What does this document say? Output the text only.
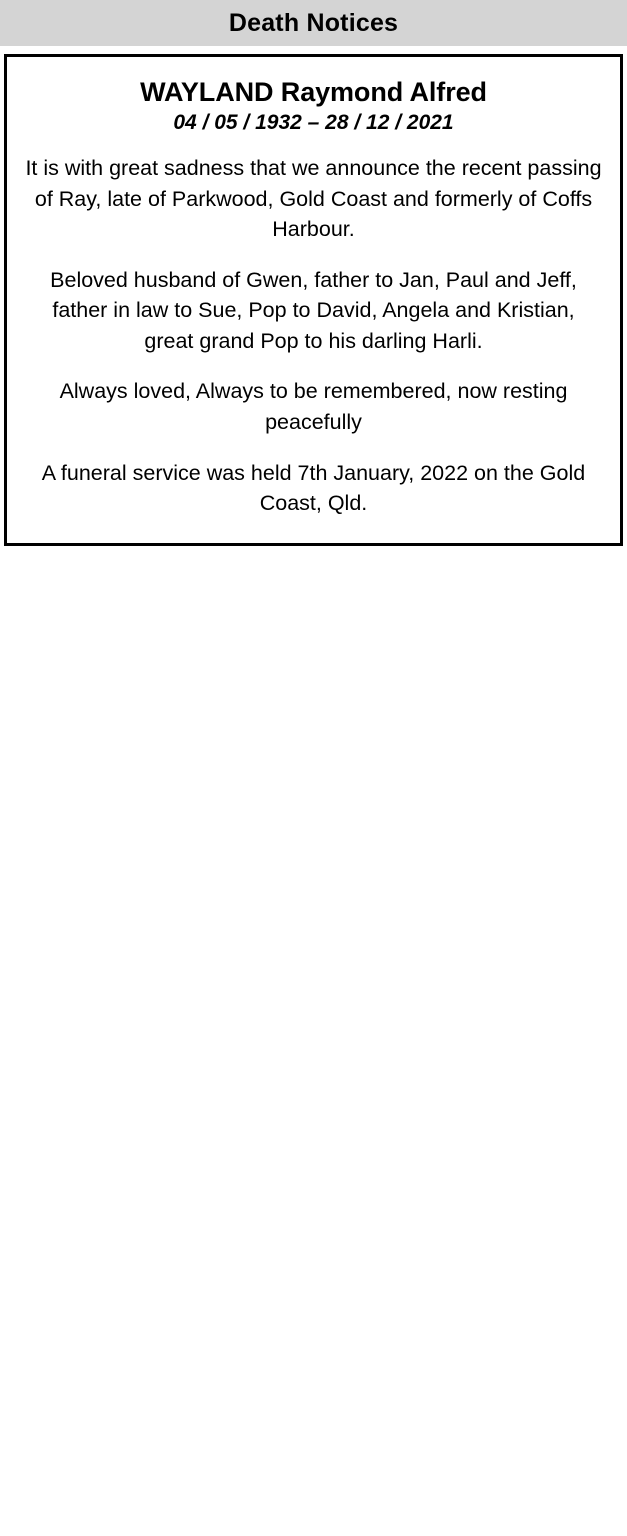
Death Notices
WAYLAND Raymond Alfred
04 / 05 / 1932 – 28 / 12 / 2021

It is with great sadness that we announce the recent passing of Ray, late of Parkwood, Gold Coast and formerly of Coffs Harbour.

Beloved husband of Gwen, father to Jan, Paul and Jeff, father in law to Sue, Pop to David, Angela and Kristian, great grand Pop to his darling Harli.

Always loved, Always to be remembered, now resting peacefully

A funeral service was held 7th January, 2022 on the Gold Coast, Qld.
